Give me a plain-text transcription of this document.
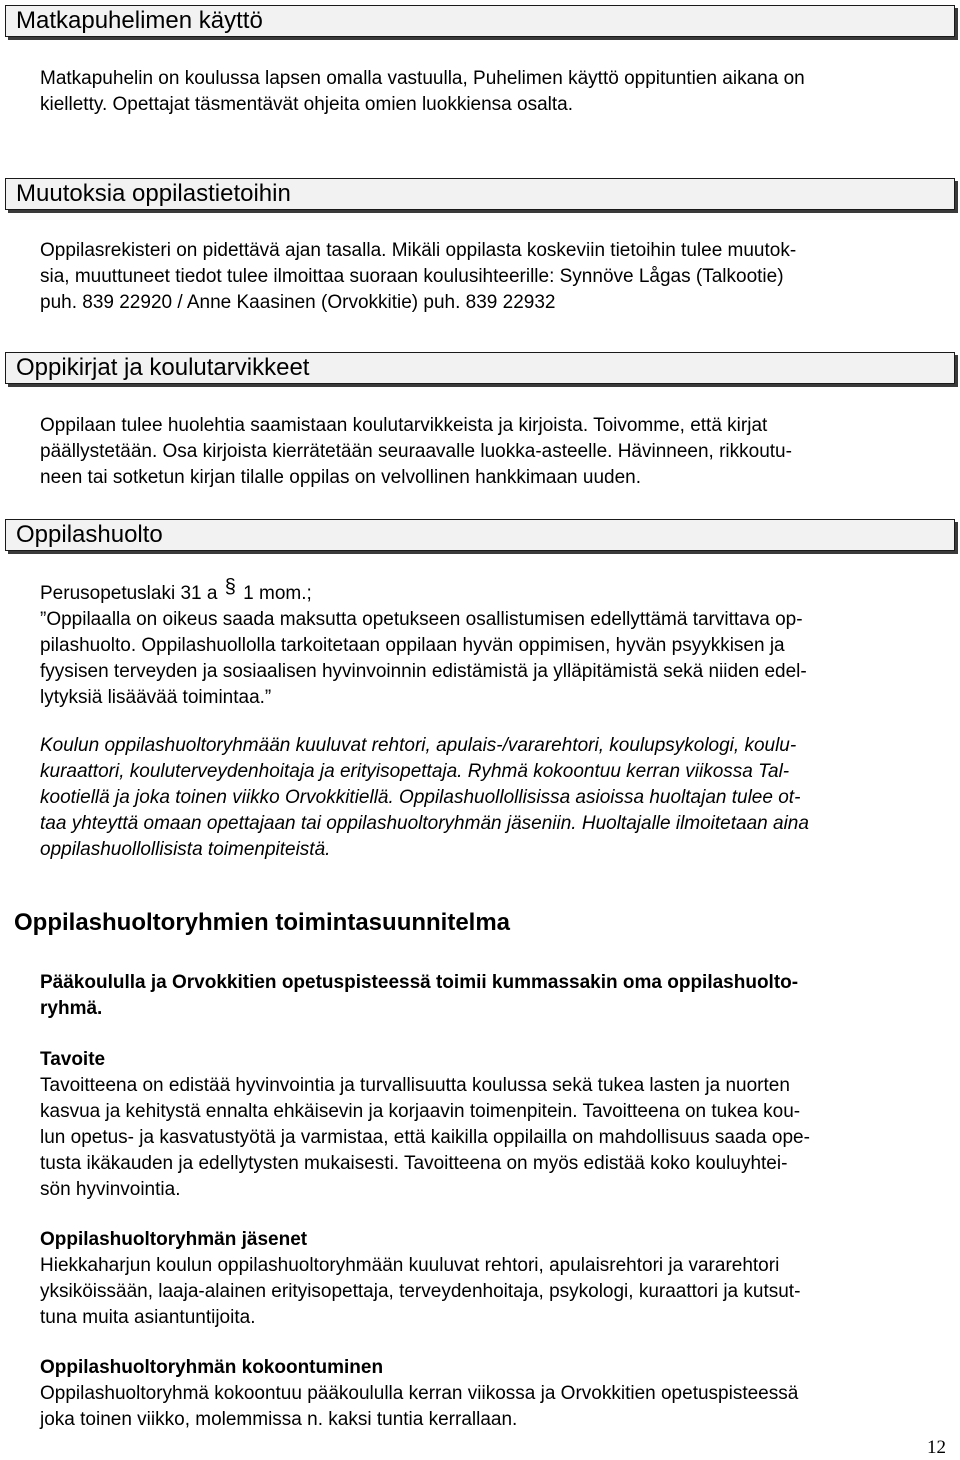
Matkapuhelimen käyttö
Matkapuhelin on koulussa lapsen omalla vastuulla, Puhelimen käyttö oppituntien aikana on
kielletty. Opettajat täsmentävät ohjeita omien luokkiensa osalta.
Muutoksia oppilastietoihin
Oppilasrekisteri on pidettävä ajan tasalla. Mikäli oppilasta koskeviin tietoihin tulee muutok-
sia, muuttuneet tiedot tulee ilmoittaa suoraan koulusihteerille: Synnöve Lågas (Talkootie)
puh. 839 22920 / Anne Kaasinen (Orvokkitie) puh. 839 22932
Oppikirjat ja koulutarvikkeet
Oppilaan tulee huolehtia saamistaan koulutarvikkeista ja kirjoista. Toivomme, että kirjat
päällystetään. Osa kirjoista kierrätetään seuraavalle luokka-asteelle. Hävinneen, rikkoutu-
neen tai sotketun kirjan tilalle oppilas on velvollinen hankkimaan uuden.
Oppilashuolto
Perusopetuslaki 31 a § 1 mom.;
”Oppilaalla on oikeus saada maksutta opetukseen osallistumisen edellyttämä tarvittava op-
pilashuolto. Oppilashuollolla tarkoitetaan oppilaan hyvän oppimisen, hyvän psyykkisen ja
fyysisen terveyden ja sosiaalisen hyvinvoinnin edistämistä ja ylläpitämistä sekä niiden edel-
lytyksiä lisäävää toimintaa.”
Koulun oppilashuoltoryhmään kuuluvat rehtori, apulais-/vararehtori, koulupsykologi, koulu-
kuraattori, kouluterveydenhoitaja ja erityisopettaja. Ryhmä kokoontuu kerran viikossa Tal-
kootiellä ja joka toinen viikko Orvokkitiellä. Oppilashuollollisissa asioissa huoltajan tulee ot-
taa yhteyttä omaan opettajaan tai oppilashuoltoryhmän jäseniin. Huoltajalle ilmoitetaan aina
oppilashuollollisista toimenpiteistä.
Oppilashuoltoryhmien toimintasuunnitelma
Pääkoululla ja Orvokkitien opetuspisteessä toimii kummassakin oma oppilashuolto-
ryhmä.
Tavoite
Tavoitteena on edistää hyvinvointia ja turvallisuutta koulussa sekä tukea lasten ja nuorten
kasvua ja kehitystä ennalta ehkäisevin ja korjaavin toimenpitein. Tavoitteena on tukea kou-
lun opetus- ja kasvatustyötä ja varmistaa, että kaikilla oppilailla on mahdollisuus saada ope-
tusta ikäkauden ja edellytysten mukaisesti. Tavoitteena on myös edistää koko kouluyhtei-
sön hyvinvointia.
Oppilashuoltoryhmän jäsenet
Hiekkaharjun koulun oppilashuoltoryhmään kuuluvat rehtori, apulaisrehtori ja vararehtori
yksiköissään, laaja-alainen erityisopettaja, terveydenhoitaja, psykologi, kuraattori ja kutsut-
tuna muita asiantuntijoita.
Oppilashuoltoryhmän kokoontuminen
Oppilashuoltoryhmä kokoontuu pääkoululla kerran viikossa ja Orvokkitien opetuspisteessä
joka toinen viikko, molemmissa n. kaksi tuntia kerrallaan.
12
